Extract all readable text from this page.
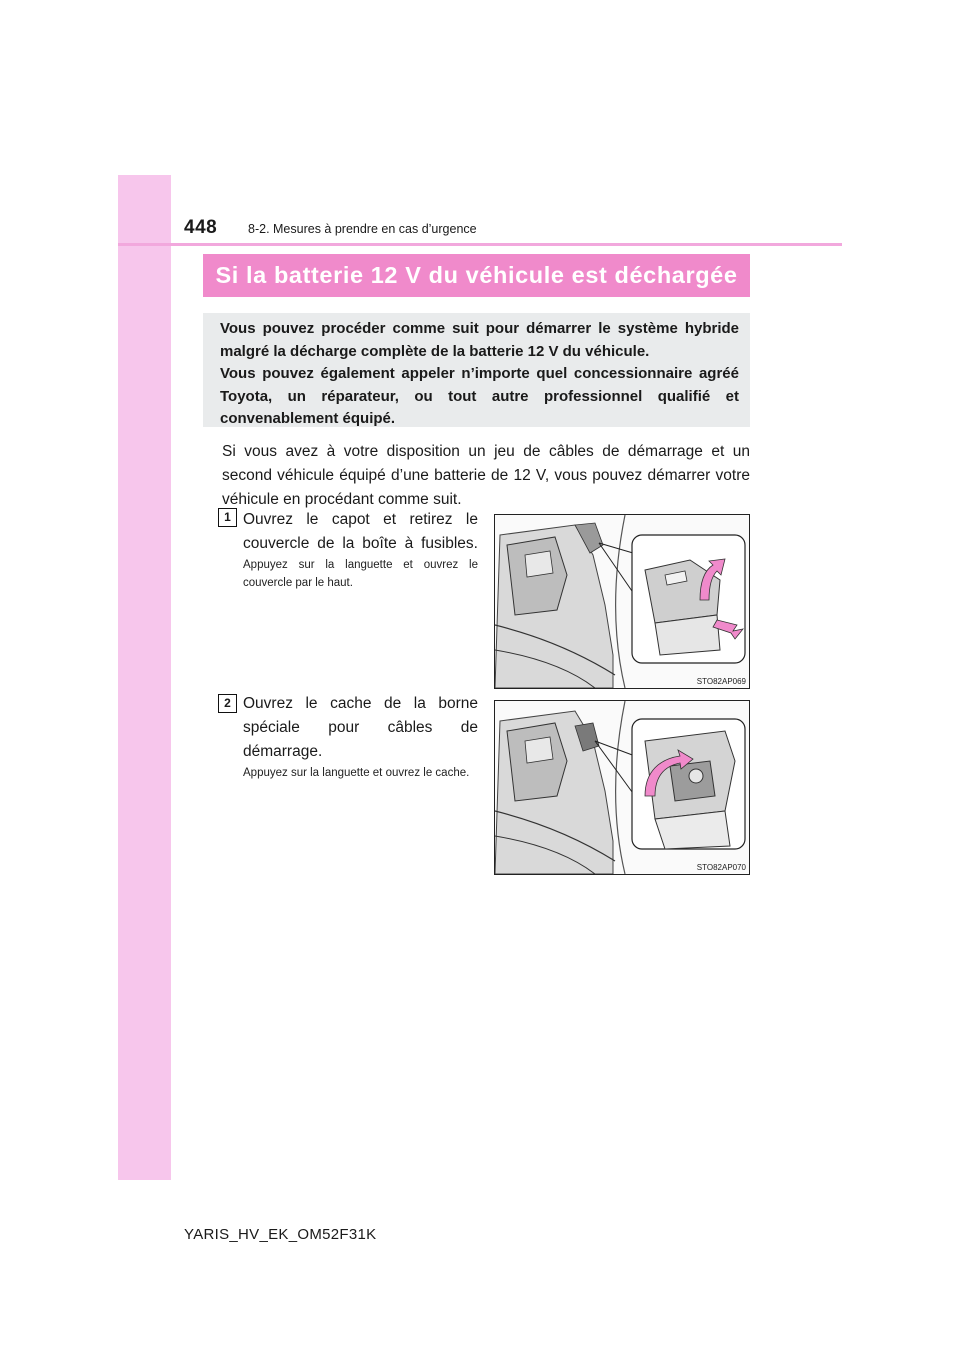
448 8-2. Mesures à prendre en cas d’urgence
Si la batterie 12 V du véhicule est déchargée

Vous pouvez procéder comme suit pour démarrer le système hybride malgré la décharge complète de la batterie 12 V du véhicule.

Vous pouvez également appeler n’importe quel concessionnaire agréé Toyota, un réparateur, ou tout autre professionnel qualifié et convenablement équipé.

Si vous avez à votre disposition un jeu de câbles de démarrage et un second véhicule équipé d’une batterie de 12 V, vous pouvez démarrer votre véhicule en procédant comme suit.
1 Ouvrez le capot et retirez le couvercle de la boîte à fusibles.
Appuyez sur la languette et ouvrez le couvercle par le haut.
STO82AP069
2 Ouvrez le cache de la borne spéciale pour câbles de démarrage.
Appuyez sur la languette et ouvrez le cache.
STO82AP070
YARIS_HV_EK_OM52F31K
